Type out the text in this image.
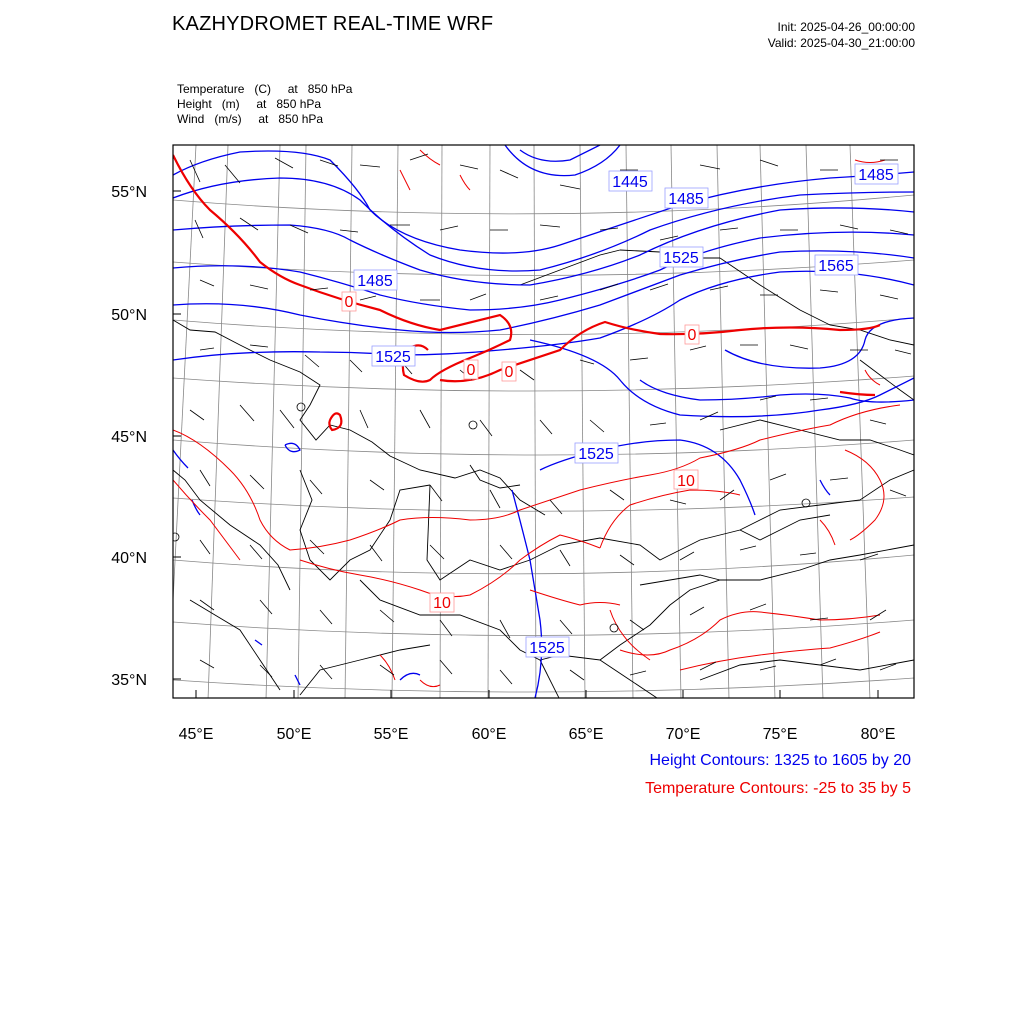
KAZHYDROMET REAL-TIME WRF	Init: 2025-04-26_00:00:00
Valid: 2025-04-30_21:00:00
Temperature   (C)     at   850 hPa
Height   (m)     at   850 hPa
Wind   (m/s)     at   850 hPa
1445
1485
1485
1485
1525	1565
1525
1525
1525
0
0 0
0
10
10
45°E	50°E	55°E	60°E	65°E	70°E	75°E	80°E
55°N
50°N
45°N
40°N
35°N
Height Contours: 1325 to 1605 by 20
Temperature Contours: -25 to 35 by 5
